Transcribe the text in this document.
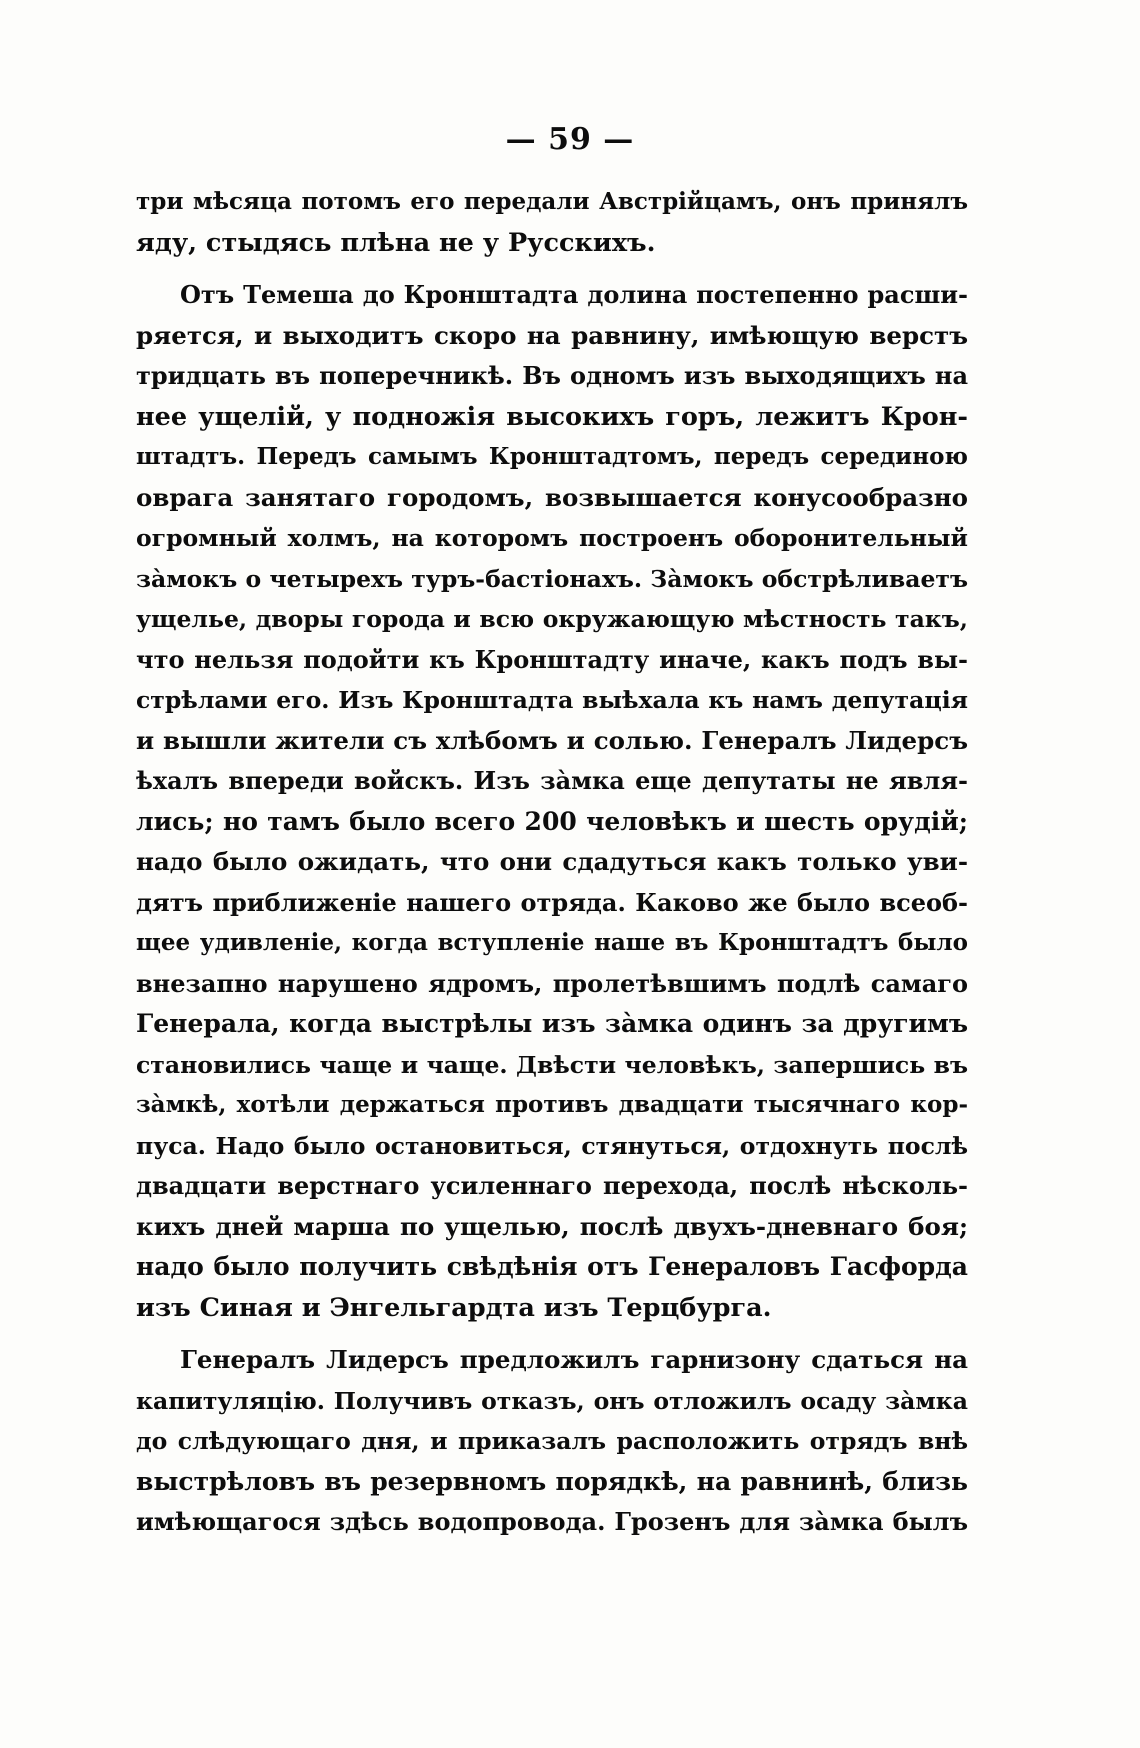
— 59 —
три мѣсяца потомъ его передали Австрійцамъ, онъ принялъ
яду, стыдясь плѣна не у Русскихъ.
Отъ Темеша до Кронштадта долина постепенно расши-
ряется, и выходитъ скоро на равнину, имѣющую верстъ
тридцать въ поперечникѣ. Въ одномъ изъ выходящихъ на
нее ущелій, у подножія высокихъ горъ, лежитъ Крон-
штадтъ. Передъ самымъ Кронштадтомъ, передъ серединою
оврага занятаго городомъ, возвышается конусообразно
огромный холмъ, на которомъ построенъ оборонительный
зàмокъ о четырехъ туръ-бастіонахъ. Зàмокъ обстрѣливаетъ
ущелье, дворы города и всю окружающую мѣстность такъ,
что нельзя подойти къ Кронштадту иначе, какъ подъ вы-
стрѣлами его. Изъ Кронштадта выѣхала къ намъ депутація
и вышли жители съ хлѣбомъ и солью. Генералъ Лидерсъ
ѣхалъ впереди войскъ. Изъ зàмка еще депутаты не явля-
лись; но тамъ было всего 200 человѣкъ и шесть орудій;
надо было ожидать, что они сдадуться какъ только уви-
дятъ приближеніе нашего отряда. Каково же было всеоб-
щее удивленіе, когда вступленіе наше въ Кронштадтъ было
внезапно нарушено ядромъ, пролетѣвшимъ подлѣ самаго
Генерала, когда выстрѣлы изъ зàмка одинъ за другимъ
становились чаще и чаще. Двѣсти человѣкъ, запершись въ
зàмкѣ, хотѣли держаться противъ двадцати тысячнаго кор-
пуса. Надо было остановиться, стянуться, отдохнуть послѣ
двадцати верстнаго усиленнаго перехода, послѣ нѣсколь-
кихъ дней марша по ущелью, послѣ двухъ-дневнаго боя;
надо было получить свѣдѣнія отъ Генераловъ Гасфорда
изъ Синая и Энгельгардта изъ Терцбурга.
Генералъ Лидерсъ предложилъ гарнизону сдаться на
капитуляцію. Получивъ отказъ, онъ отложилъ осаду зàмка
до слѣдующаго дня, и приказалъ расположить отрядъ внѣ
выстрѣловъ въ резервномъ порядкѣ, на равнинѣ, близь
имѣющагося здѣсь водопровода. Грозенъ для зàмка былъ
